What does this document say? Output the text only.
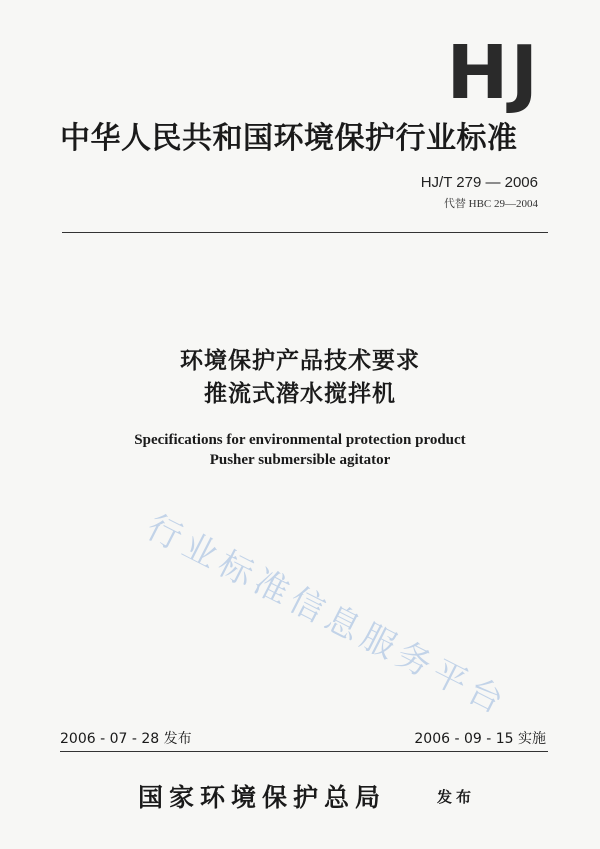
HJ
中华人民共和国环境保护行业标准
HJ/T 279 — 2006
代替 HBC 29—2004
环境保护产品技术要求
推流式潜水搅拌机
Specifications for environmental protection product
Pusher submersible agitator
行业标准信息服务平台
2006 - 07 - 28 发布	2006 - 09 - 15 实施
国家环境保护总局	发布
